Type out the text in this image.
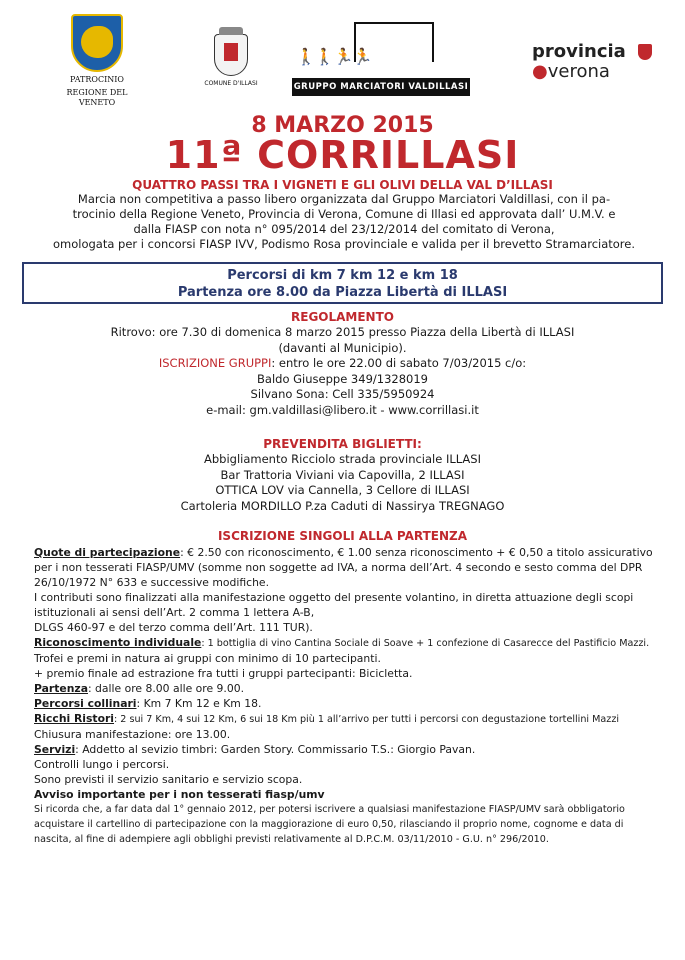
PATROCINIO
REGIONE DEL VENETO
COMUNE D'ILLASI
🚶🚶🏃🏃
GRUPPO MARCIATORI VALDILLASI
provincia
●verona
8 MARZO 2015
11ª CORRILLASI
QUATTRO PASSI TRA I VIGNETI E GLI OLIVI DELLA VAL D’ILLASI
Marcia non competitiva a passo libero organizzata dal Gruppo Marciatori Valdillasi, con il pa-
trocinio della Regione Veneto, Provincia di Verona, Comune di Illasi ed approvata dall’ U.M.V. e
dalla FIASP con nota n° 095/2014 del 23/12/2014 del comitato di Verona,
omologata per i concorsi FIASP IVV, Podismo Rosa provinciale e valida per il brevetto Stramarciatore.
Percorsi di km 7 km 12 e km 18
Partenza ore 8.00 da Piazza Libertà di ILLASI
REGOLAMENTO
Ritrovo: ore 7.30 di domenica 8 marzo 2015 presso Piazza della Libertà di ILLASI
(davanti al Municipio).
ISCRIZIONE GRUPPI: entro le ore 22.00 di sabato 7/03/2015 c/o:
Baldo Giuseppe 349/1328019
Silvano Sona: Cell 335/5950924
e-mail: gm.valdillasi@libero.it - www.corrillasi.it
PREVENDITA BIGLIETTI:
Abbigliamento Ricciolo strada provinciale ILLASI
Bar Trattoria Viviani via Capovilla, 2 ILLASI
OTTICA LOV via Cannella, 3 Cellore di ILLASI
Cartoleria MORDILLO P.za Caduti di Nassirya TREGNAGO
ISCRIZIONE SINGOLI ALLA PARTENZA

Quote di partecipazione: € 2.50 con riconoscimento, € 1.00 senza riconoscimento + € 0,50 a titolo assicurativo per i non tesserati FIASP/UMV (somme non soggette ad IVA, a norma dell’Art. 4 secondo e sesto comma del DPR 26/10/1972 N° 633 e successive modifiche.

I contributi sono finalizzati alla manifestazione oggetto del presente volantino, in diretta attuazione degli scopi istituzionali ai sensi dell’Art. 2 comma 1 lettera A-B,

DLGS 460-97 e del terzo comma dell’Art. 111 TUR).

Riconoscimento individuale: 1 bottiglia di vino Cantina Sociale di Soave + 1 confezione di Casarecce del Pastificio Mazzi.

Trofei e premi in natura ai gruppi con minimo di 10 partecipanti.

+ premio finale ad estrazione fra tutti i gruppi partecipanti: Bicicletta.

Partenza: dalle ore 8.00 alle ore 9.00.

Percorsi collinari: Km 7 Km 12 e Km 18.

Ricchi Ristori: 2 sui 7 Km, 4 sui 12 Km, 6 sui 18 Km più 1 all’arrivo per tutti i percorsi con degustazione tortellini Mazzi

Chiusura manifestazione: ore 13.00.

Servizi: Addetto al sevizio timbri: Garden Story. Commissario T.S.: Giorgio Pavan.

Controlli lungo i percorsi.

Sono previsti il servizio sanitario e servizio scopa.

Avviso importante per i non tesserati fiasp/umv

Si ricorda che, a far data dal 1° gennaio 2012, per potersi iscrivere a qualsiasi manifestazione FIASP/UMV sarà obbligatorio acquistare il cartellino di partecipazione con la maggiorazione di euro 0,50, rilasciando il proprio nome, cognome e data di nascita, al fine di adempiere agli obblighi previsti relativamente al D.P.C.M. 03/11/2010 - G.U. n° 296/2010.
